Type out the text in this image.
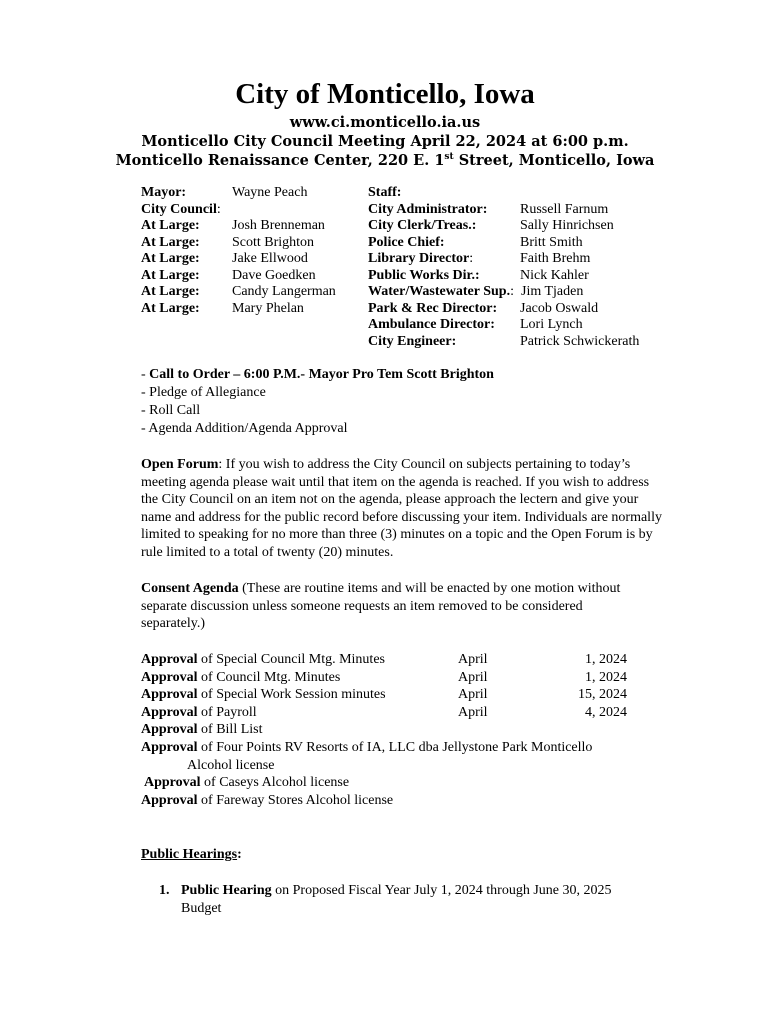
City of Monticello, Iowa
www.ci.monticello.ia.us
Monticello City Council Meeting April 22, 2024 at 6:00 p.m.
Monticello Renaissance Center, 220 E. 1st Street, Monticello, Iowa
Mayor:	Wayne Peach
City Council:
At Large: Josh Brenneman
At Large: Scott Brighton
At Large: Jake Ellwood
At Large: Dave Goedken
At Large: Candy Langerman
At Large: Mary Phelan
Staff:
City Administrator: Russell Farnum
City Clerk/Treas.:	Sally Hinrichsen
Police Chief:	Britt Smith
Library Director:	Faith Brehm
Public Works Dir.:	Nick Kahler
Water/Wastewater Sup.: Jim Tjaden
Park & Rec Director: Jacob Oswald
Ambulance Director: Lori Lynch
City Engineer:	Patrick Schwickerath
- Call to Order – 6:00 P.M.- Mayor Pro Tem Scott Brighton
- Pledge of Allegiance
- Roll Call
- Agenda Addition/Agenda Approval
Open Forum: If you wish to address the City Council on subjects pertaining to today’s meeting agenda please wait until that item on the agenda is reached. If you wish to address the City Council on an item not on the agenda, please approach the lectern and give your name and address for the public record before discussing your item. Individuals are normally limited to speaking for no more than three (3) minutes on a topic and the Open Forum is by rule limited to a total of twenty (20) minutes.
Consent Agenda (These are routine items and will be enacted by one motion without separate discussion unless someone requests an item removed to be considered separately.)
Approval of Special Council Mtg. Minutes	April	1, 2024
Approval of Council Mtg. Minutes	April	1, 2024
Approval of Special Work Session minutes	April	15, 2024
Approval of Payroll	April	4, 2024
Approval of Bill List
Approval of Four Points RV Resorts of IA, LLC dba Jellystone Park Monticello
Alcohol license
Approval of Caseys Alcohol license
Approval of Fareway Stores Alcohol license
Public Hearings:
1. Public Hearing on Proposed Fiscal Year July 1, 2024 through June 30, 2025
Budget
